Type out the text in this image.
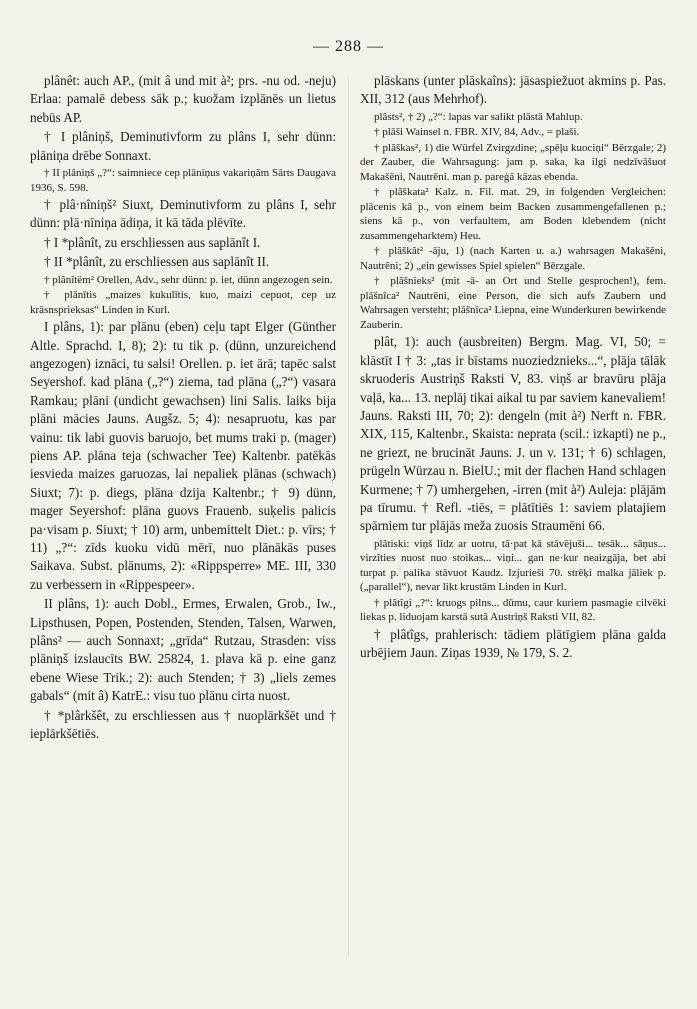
— 288 —

plânêt: auch AP., (mit â und mit à²; prs. -nu od. -neju) Erlaa: pamalē debess sāk p.; kuožam izplānēs un lietus nebūs AP.

† I plâniņš, Deminutivform zu plâns I, sehr dünn: plāniņa drēbe Sonnaxt.

† II plâniņš „?“: saimniece cep plāniņus vakariņām Sārts Daugava 1936, S. 598.

† plâ·nîniņš² Siuxt, Deminutivform zu plâns I, sehr dünn: plā·nīniņa ādiņa, it kā tāda plēvīte.

† I *plânît, zu erschliessen aus saplānît I.

† II *plânît, zu erschliessen aus saplānît II.

† plânîtëm² Orellen, Adv., sehr dünn: p. iet, dünn angezogen sein.

† plānītis „maizes kukulītis, kuo, maizi cepuot, cep uz krāsnsprieksas“ Linden in Kurl.

I plâns, 1): par plānu (eben) ceļu tapt Elger (Günther Altle. Sprachd. I, 8); 2): tu tik p. (dünn, unzureichend angezogen) iznāci, tu salsi! Orellen. p. iet ārā; tapēc salst Seyershof. kad plāna („?“) ziema, tad plāna („?“) vasara Ramkau; plāni (undicht gewachsen) lini Salis. laiks bija plāni mācies Jauns. Augšz. 5; 4): nesapruotu, kas par vainu: tik labi guovis baruojo, bet mums traki p. (mager) piens AP. plāna teja (schwacher Tee) Kaltenbr. patēkās iesvieda maizes garuozas, lai nepaliek plānas (schwach) Siuxt; 7): p. diegs, plāna dzija Kaltenbr.; † 9) dünn, mager Seyershof: plāna guovs Frauenb. suķelis palicis pa·visam p. Siuxt; † 10) arm, unbemittelt Diet.: p. vīrs; † 11) „?“: zīds kuoku vidū mērī, nuo plānākās puses Saikava. Subst. plānums, 2): «Rippsperre» ME. III, 330 zu verbessern in «Rippespeer».

II plâns, 1): auch Dobl., Ermes, Erwalen, Grob., Iw., Lipsthusen, Popen, Postenden, Stenden, Talsen, Warwen, plâns² — auch Sonnaxt; „grīda“ Rutzau, Strasden: viss plāniņš izslaucīts BW. 25824, 1. plava kā p. eine ganz ebene Wiese Trik.; 2): auch Stenden; † 3) „liels zemes gabals“ (mit â) KatrE.: visu tuo plānu cirta nuost.

† *plârkšêt, zu erschliessen aus † nuoplārkšēt und † ieplārkšētiēs.

plāskans (unter plāskaîns): jāsaspiežuot akmins p. Pas. XII, 312 (aus Mehrhof).

plâsts², † 2) „?“: lapas var salikt plāstā Mahlup.

† plāši Wainsel n. FBR. XIV, 84, Adv., = plaši.

† plâškas², 1) die Würfel Zvirgzdine; „spēļu kuociņi“ Bērzgale; 2) der Zauber, die Wahrsagung: jam p. saka, ka ilgi nedzīvāšuot Makašēni, Nautrēni. man p. pareģā kāzas ebenda.

† plâškata² Kalz. n. Fil. mat. 29, in folgenden Vergleichen: plācenis kâ p., von einem beim Backen zusammengefallenen p.; siens kā p., von verfaultem, am Boden klebendem (nicht zusammengeharktem) Heu.

† plâškât² -āju, 1) (nach Karten u. a.) wahrsagen Makašēni, Nautrēni; 2) „ein gewisses Spiel spielen“ Bērzgale.

† plâšnieks² (mit -ā- an Ort und Stelle gesprochen!), fem. plāšnīca² Nautrēni, eine Person, die sich aufs Zaubern und Wahrsagen versteht; plāšnīca² Liepna, eine Wunderkuren bewirkende Zauberin.

plât, 1): auch (ausbreiten) Bergm. Mag. VI, 50; = klāstīt I † 3: „tas ir bīstams nuoziedznieks...“, plāja tālāk skruoderis Austriņš Raksti V, 83. viņš ar bravūru plāja vaļā, ka... 13. neplāj tikai aikal tu par saviem kanevaliem! Jauns. Raksti III, 70; 2): dengeln (mit à²) Nerft n. FBR. XIX, 115, Kaltenbr., Skaista: neprata (scil.: izkapti) ne p., ne griezt, ne brucināt Jauns. J. un v. 131; † 6) schlagen, prügeln Würzau n. BielU.; mit der flachen Hand schlagen Kurmene; † 7) umhergehen, -irren (mit à²) Auleja: plājām pa tīrumu. † Refl. -tiēs, = plātītiēs 1: saviem platajiem spārniem tur plājās meža zuosis Straumēni 66.

plâtiski: viņš līdz ar uotru, tâ·pat kā stāvējuši... tesāk... sāņus... virzīties nuost nuo stoikas... viņi... gan ne·kur neaizgāja, bet abi turpat p. palika stāvuot Kaudz. Izjurieši 70. strēķi malka jāliek p. („parallel“), nevar likt krustām Linden in Kurl.

† plâtîgi „?“: kruogs pilns... dūmu, caur kuriem pasmagie cilvēki liekas p. liduojam karstā sutā Austriņš Raksti VII, 82.

† plâtîgs, prahlerisch: tādiem plātīgiem plāna galda urbējiem Jaun. Ziņas 1939, № 179, S. 2.
